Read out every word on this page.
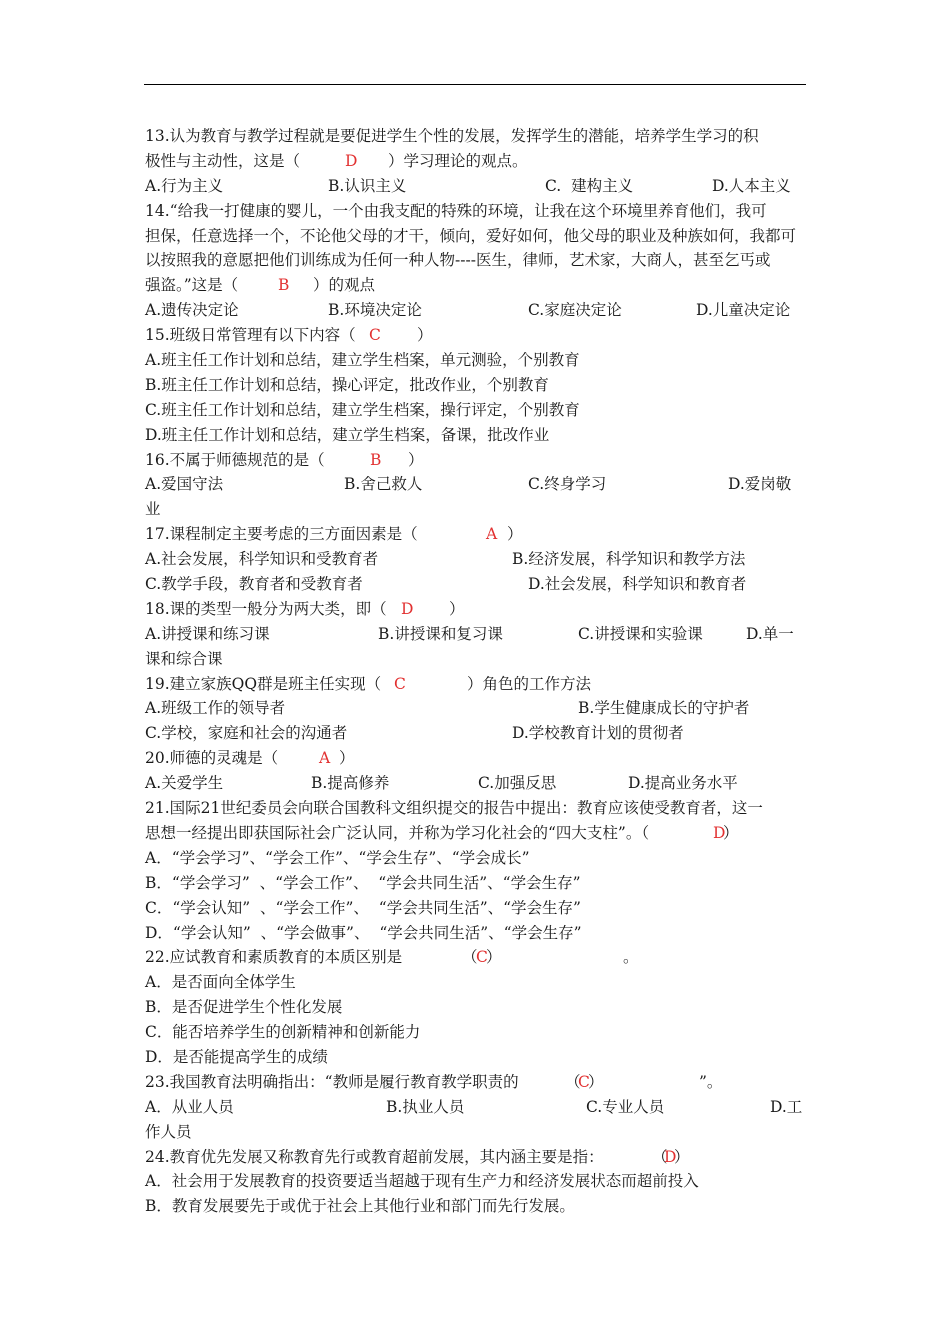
13.认为教育与教学过程就是要促进学生个性的发展，发挥学生的潜能，培养学生学习的积
极性与主动性，这是（	D ）学习理论的观点。
A.行为主义	B.认识主义	C.  建构主义	D.人本主义
14.“给我一打健康的婴儿，一个由我支配的特殊的环境，让我在这个环境里养育他们，我可
担保，任意选择一个，不论他父母的才干，倾向，爱好如何，他父母的职业及种族如何，我都可
以按照我的意愿把他们训练成为任何一种人物----医生，律师，艺术家，大商人，甚至乞丐或
强盗。”这是（	B ）的观点
A.遗传决定论	B.环境决定论	C.家庭决定论	D.儿童决定论
15.班级日常管理有以下内容（ C ）
A.班主任工作计划和总结，建立学生档案，单元测验，个别教育
B.班主任工作计划和总结，操心评定，批改作业，个别教育
C.班主任工作计划和总结，建立学生档案，操行评定，个别教育
D.班主任工作计划和总结，建立学生档案，备课，批改作业
16.不属于师德规范的是（	B ）
A.爱国守法	B.舍己救人	C.终身学习	D.爱岗敬
业
17.课程制定主要考虑的三方面因素是（	A ）
A.社会发展，科学知识和受教育者	B.经济发展，科学知识和教学方法
C.教学手段，教育者和受教育者	D.社会发展，科学知识和教育者
18.课的类型一般分为两大类，即（ D ）
A.讲授课和练习课	B.讲授课和复习课	C.讲授课和实验课	D.单一
课和综合课
19.建立家族QQ群是班主任实现（ C	）角色的工作方法
A.班级工作的领导者	B.学生健康成长的守护者
C.学校，家庭和社会的沟通者	D.学校教育计划的贯彻者
20.师德的灵魂是（	A ）
A.关爱学生	B.提高修养	C.加强反思	D.提高业务水平
21.国际21世纪委员会向联合国教科文组织提交的报告中提出：教育应该使受教育者，这一
思想一经提出即获国际社会广泛认同，并称为学习化社会的“四大支柱”。（	D
）
A．“学会学习”、“学会工作”、“学会生存”、“学会成长”
B．“学会学习”  、“学会工作”、  “学会共同生活”、“学会生存”
C．“学会认知”  、“学会工作”、  “学会共同生活”、“学会生存”
D．“学会认知”  、“学会做事”、  “学会共同生活”、“学会生存”
22.应试教育和素质教育的本质区别是	（
C
）	。
A．是否面向全体学生
B．是否促进学生个性化发展
C．能否培养学生的创新精神和创新能力
D．是否能提高学生的成绩
23.我国教育法明确指出：“教师是履行教育教学职责的	（
C
）	”。
A．从业人员	B.执业人员	C.专业人员	D.工
作人员
24.教育优先发展又称教育先行或教育超前发展，其内涵主要是指：	（
D
）
A．社会用于发展教育的投资要适当超越于现有生产力和经济发展状态而超前投入
B．教育发展要先于或优于社会上其他行业和部门而先行发展。
